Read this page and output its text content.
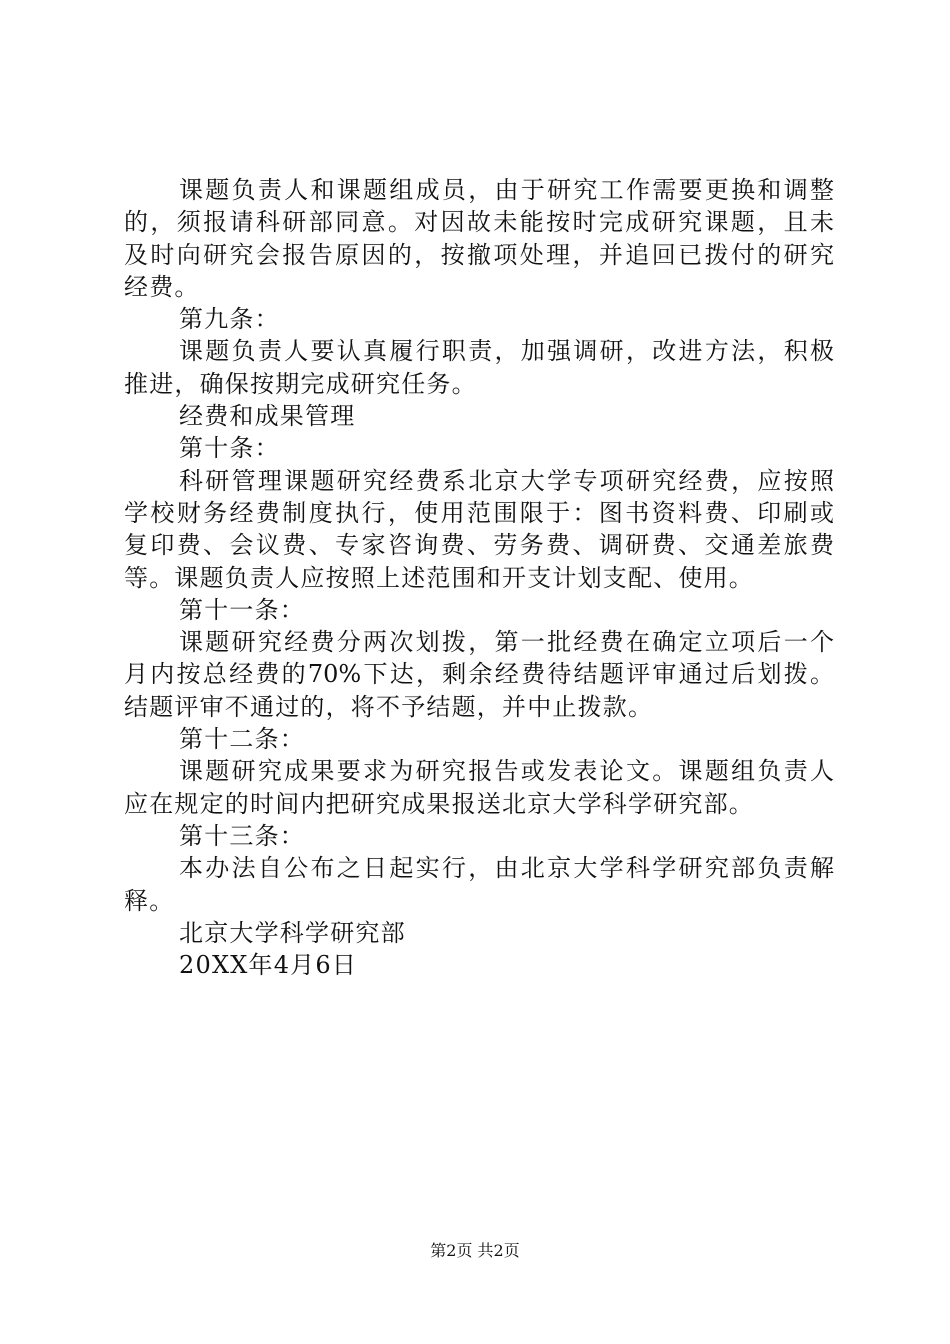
课题负责人和课题组成员，由于研究工作需要更换和调整
的，须报请科研部同意。对因故未能按时完成研究课题，且未
及时向研究会报告原因的，按撤项处理，并追回已拨付的研究
经费。
第九条：
课题负责人要认真履行职责，加强调研，改进方法，积极
推进，确保按期完成研究任务。
经费和成果管理
第十条：
科研管理课题研究经费系北京大学专项研究经费，应按照
学校财务经费制度执行，使用范围限于：图书资料费、印刷或
复印费、会议费、专家咨询费、劳务费、调研费、交通差旅费
等。课题负责人应按照上述范围和开支计划支配、使用。
第十一条：
课题研究经费分两次划拨，第一批经费在确定立项后一个
月内按总经费的70%下达，剩余经费待结题评审通过后划拨。
结题评审不通过的，将不予结题，并中止拨款。
第十二条：
课题研究成果要求为研究报告或发表论文。课题组负责人
应在规定的时间内把研究成果报送北京大学科学研究部。
第十三条：
本办法自公布之日起实行，由北京大学科学研究部负责解
释。
北京大学科学研究部
20XX年4月6日
第2页 共2页
